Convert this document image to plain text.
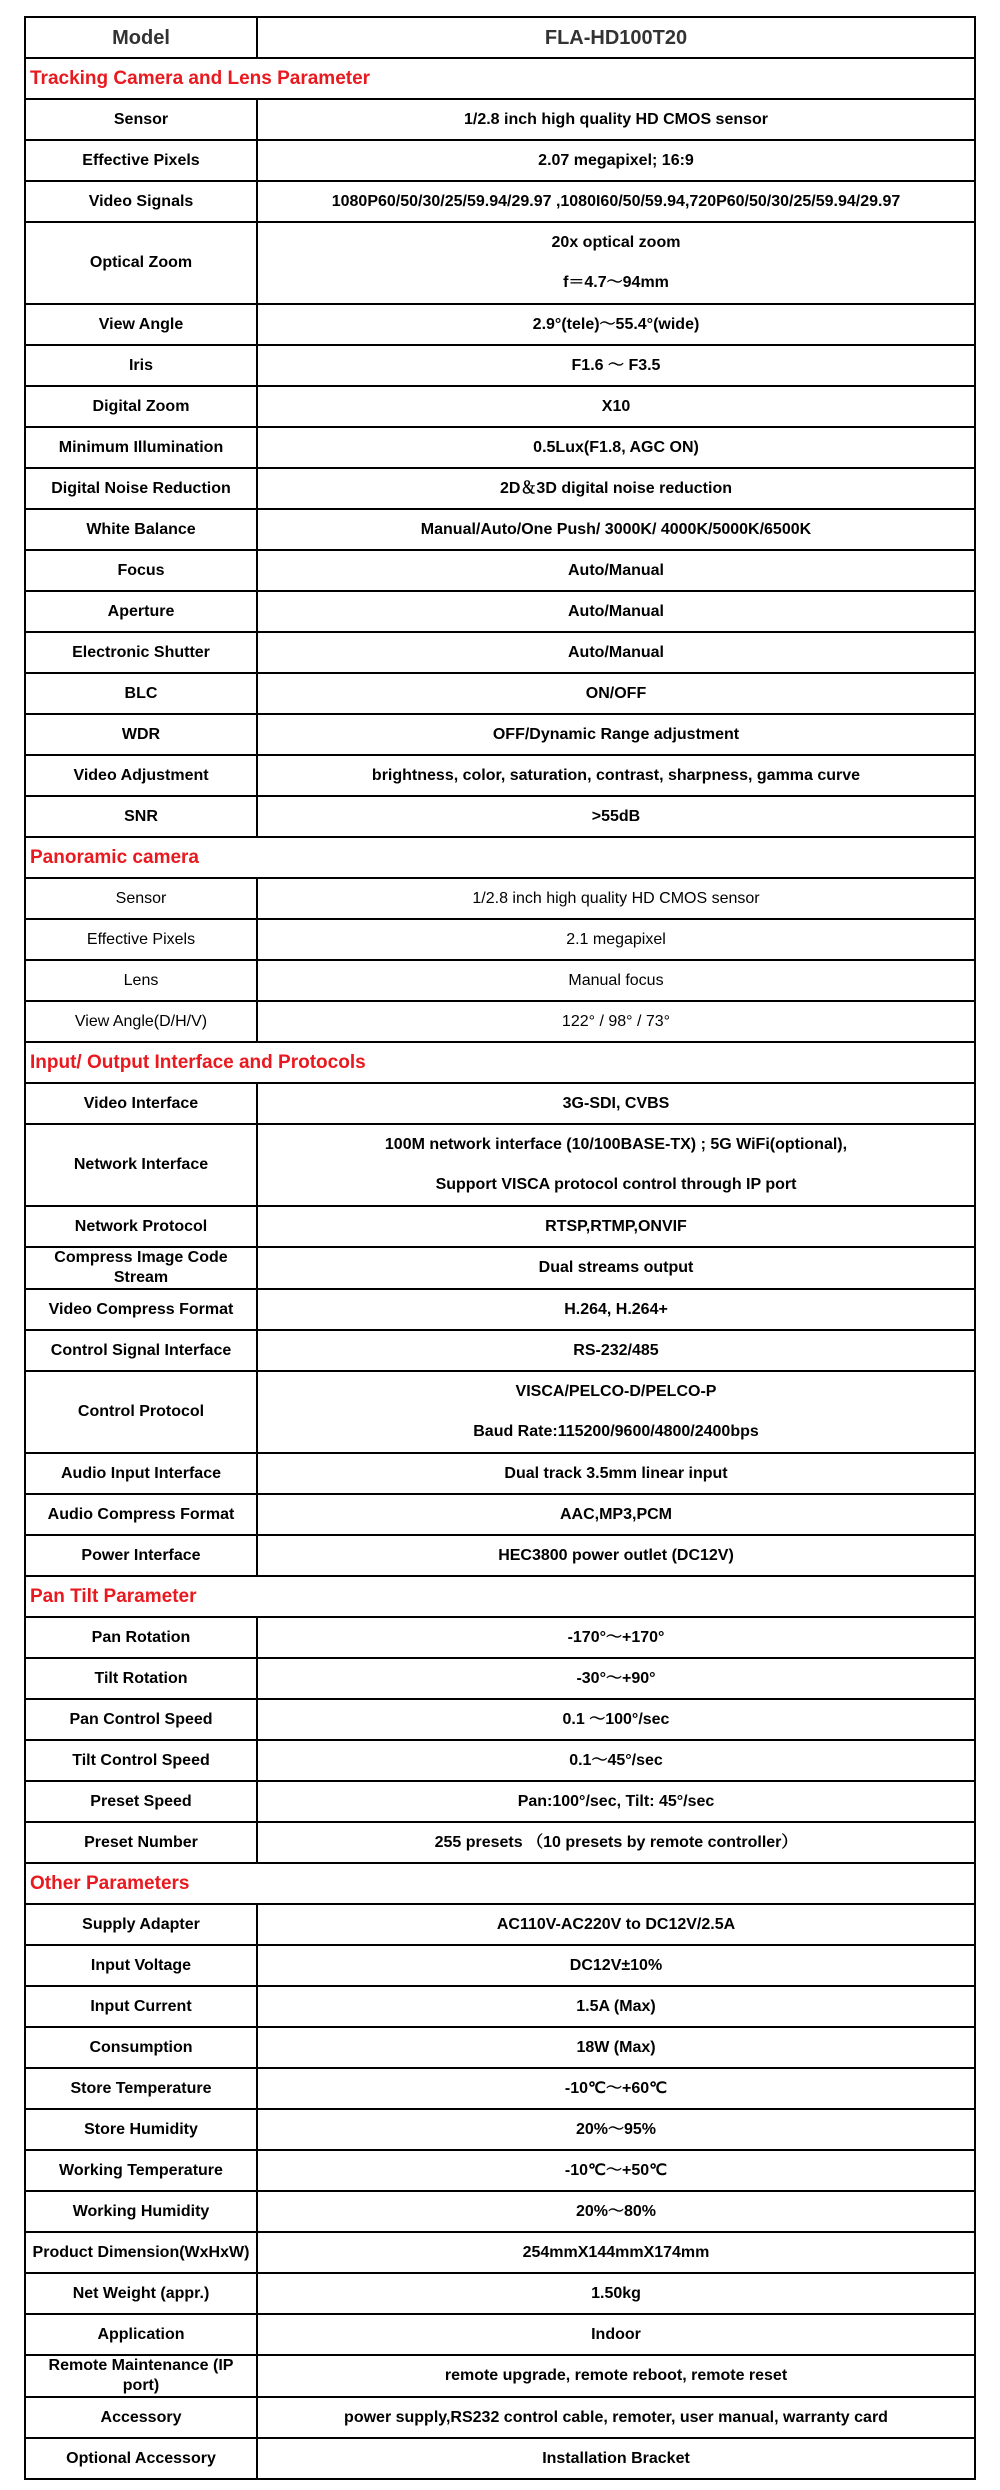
Model	FLA-HD100T20
Tracking Camera and Lens Parameter	
Sensor	1/2.8 inch high quality HD CMOS sensor

Effective Pixels	2.07 megapixel; 16:9

Video Signals	1080P60/50/30/25/59.94/29.97 ,1080I60/50/59.94,720P60/50/30/25/59.94/29.97

Optical Zoom	20x optical zoom
f＝4.7～94mm

View Angle	2.9°(tele)～55.4°(wide)

Iris	F1.6 ～ F3.5

Digital Zoom	X10

Minimum Illumination	0.5Lux(F1.8, AGC ON)

Digital Noise Reduction	2D＆3D digital noise reduction

White Balance	Manual/Auto/One Push/ 3000K/ 4000K/5000K/6500K

Focus	Auto/Manual

Aperture	Auto/Manual

Electronic Shutter	Auto/Manual

BLC	ON/OFF

WDR	OFF/Dynamic Range adjustment

Video Adjustment	brightness, color, saturation, contrast, sharpness, gamma curve

SNR	>55dB

Panoramic camera	
Sensor	1/2.8 inch high quality HD CMOS sensor

Effective Pixels	2.1 megapixel

Lens	Manual focus

View Angle(D/H/V)	122° / 98° / 73°

Input/ Output Interface and Protocols	
Video Interface	3G-SDI, CVBS

Network Interface	100M network interface (10/100BASE-TX) ; 5G WiFi(optional),
Support VISCA protocol control through IP port

Network Protocol	RTSP,RTMP,ONVIF

Compress Image Code Stream	Dual streams output

Video Compress Format	H.264, H.264+

Control Signal Interface	RS-232/485

Control Protocol	VISCA/PELCO-D/PELCO-P
Baud Rate:115200/9600/4800/2400bps

Audio Input Interface	Dual track 3.5mm linear input

Audio Compress Format	AAC,MP3,PCM

Power Interface	HEC3800 power outlet (DC12V)

Pan Tilt Parameter	
Pan Rotation	-170°～+170°

Tilt Rotation	-30°～+90°

Pan Control Speed	0.1 ～100°/sec

Tilt Control Speed	0.1～45°/sec

Preset Speed	Pan:100°/sec, Tilt: 45°/sec

Preset Number	255 presets （10 presets by remote controller）

Other Parameters	
Supply Adapter	AC110V-AC220V to DC12V/2.5A

Input Voltage	DC12V±10%

Input Current	1.5A (Max)

Consumption	18W (Max)

Store Temperature	-10℃～+60℃

Store Humidity	20%～95%

Working Temperature	-10℃～+50℃

Working Humidity	20%～80%

Product Dimension(WxHxW)	254mmX144mmX174mm

Net Weight (appr.)	1.50kg

Application	Indoor

Remote Maintenance (IP port)	remote upgrade, remote reboot, remote reset

Accessory	power supply,RS232 control cable, remoter, user manual, warranty card

Optional Accessory	Installation Bracket
